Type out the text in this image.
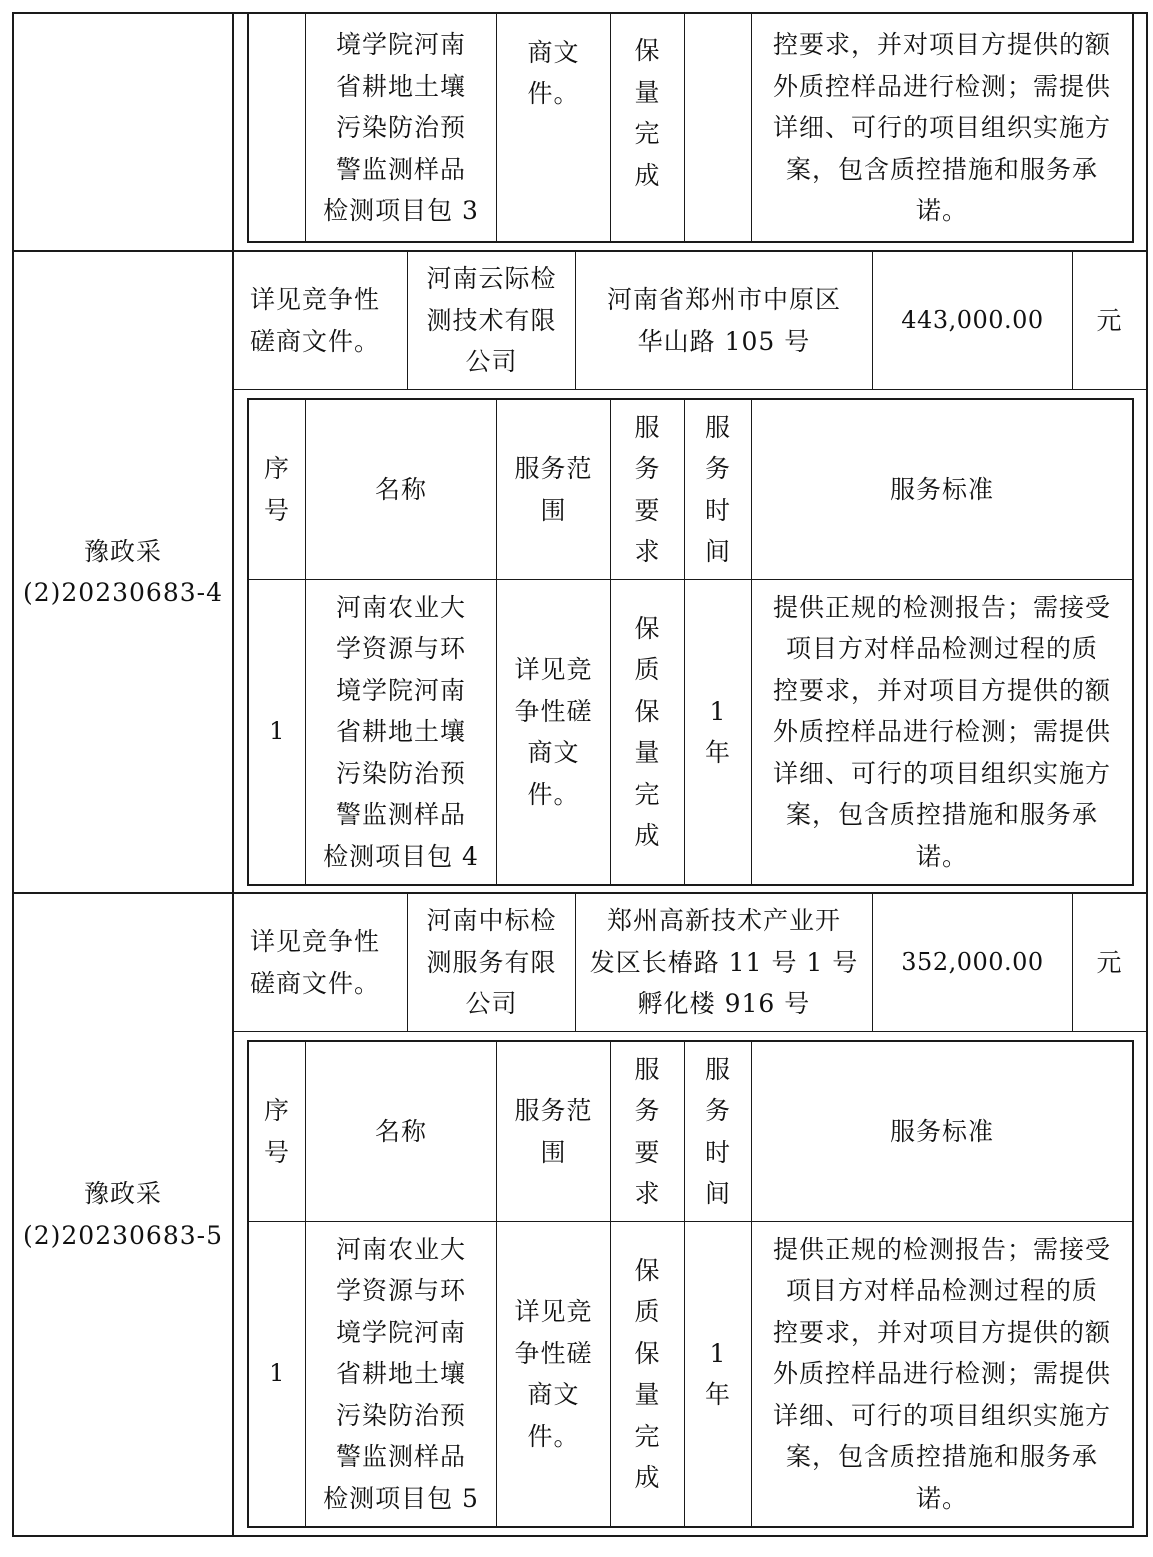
境学院河南
省耕地土壤
污染防治预
警监测样品
检测项目包 3
商文
件。
保
量
完
成
控要求，并对项目方提供的额
外质控样品进行检测；需提供
详细、可行的项目组织实施方
案，包含质控措施和服务承
诺。
豫政采
(2)20230683-4
详见竞争性
磋商文件。
河南云际检
测技术有限
公司
河南省郑州市中原区
华山路 105 号
443,000.00	元
序
号
名称
服务范
围
服
务
要
求
服
务
时
间
服务标准
1
河南农业大
学资源与环
境学院河南
省耕地土壤
污染防治预
警监测样品
检测项目包 4
详见竞
争性磋
商文
件。
保
质
保
量
完
成
1
年
提供正规的检测报告；需接受
项目方对样品检测过程的质
控要求，并对项目方提供的额
外质控样品进行检测；需提供
详细、可行的项目组织实施方
案，包含质控措施和服务承
诺。
豫政采
(2)20230683-5
详见竞争性
磋商文件。
河南中标检
测服务有限
公司
郑州高新技术产业开
发区长椿路 11 号 1 号
孵化楼 916 号
352,000.00	元
序
号
名称
服务范
围
服
务
要
求
服
务
时
间
服务标准
1
河南农业大
学资源与环
境学院河南
省耕地土壤
污染防治预
警监测样品
检测项目包 5
详见竞
争性磋
商文
件。
保
质
保
量
完
成
1
年
提供正规的检测报告；需接受
项目方对样品检测过程的质
控要求，并对项目方提供的额
外质控样品进行检测；需提供
详细、可行的项目组织实施方
案，包含质控措施和服务承
诺。
